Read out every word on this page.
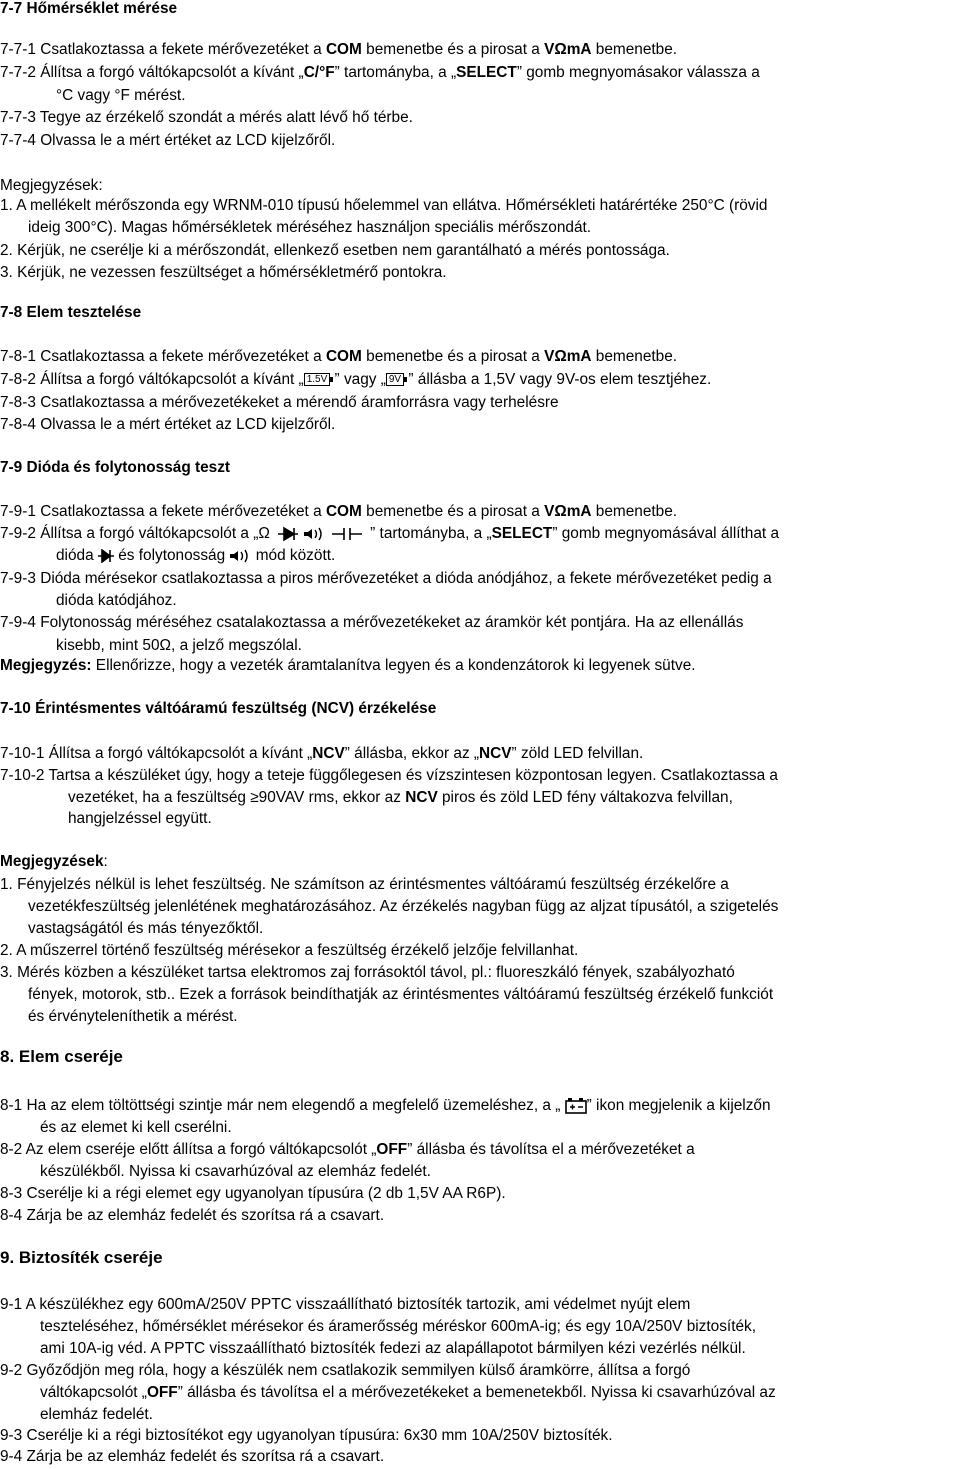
7-7 Hőmérséklet mérése
7-7-1 Csatlakoztassa a fekete mérővezetéket a COM bemenetbe és a pirosat a VΩmA bemenetbe.
7-7-2 Állítsa a forgó váltókapcsolót a kívánt „C/°F” tartományba, a „SELECT” gomb megnyomásakor válassza a
°C vagy °F mérést.
7-7-3 Tegye az érzékelő szondát a mérés alatt lévő hő térbe.
7-7-4 Olvassa le a mért értéket az LCD kijelzőről.
Megjegyzések:
1. A mellékelt mérőszonda egy WRNM-010 típusú hőelemmel van ellátva. Hőmérsékleti határértéke 250°C (rövid
ideig 300°C). Magas hőmérsékletek méréséhez használjon speciális mérőszondát.
2. Kérjük, ne cserélje ki a mérőszondát, ellenkező esetben nem garantálható a mérés pontossága.
3. Kérjük, ne vezessen feszültséget a hőmérsékletmérő pontokra.
7-8 Elem tesztelése
7-8-1 Csatlakoztassa a fekete mérővezetéket a COM bemenetbe és a pirosat a VΩmA bemenetbe.
7-8-2 Állítsa a forgó váltókapcsolót a kívánt „ 1.5V ” vagy „ 9V ” állásba a 1,5V vagy 9V-os elem tesztjéhez.
7-8-3 Csatlakoztassa a mérővezetékeket a mérendő áramforrásra vagy terhelésre
7-8-4 Olvassa le a mért értéket az LCD kijelzőről.
7-9 Dióda és folytonosság teszt
7-9-1 Csatlakoztassa a fekete mérővezetéket a COM bemenetbe és a pirosat a VΩmA bemenetbe.
7-9-2 Állítsa a forgó váltókapcsolót a „Ω	” tartományba, a „SELECT” gomb megnyomásával állíthat a
dióda  és folytonosság  mód között.
7-9-3 Dióda mérésekor csatlakoztassa a piros mérővezetéket a dióda anódjához, a fekete mérővezetéket pedig a
dióda katódjához.
7-9-4 Folytonosság méréséhez csatalakoztassa a mérővezetékeket az áramkör két pontjára. Ha az ellenállás
kisebb, mint 50Ω, a jelző megszólal.
Megjegyzés: Ellenőrizze, hogy a vezeték áramtalanítva legyen és a kondenzátorok ki legyenek sütve.
7-10 Érintésmentes váltóáramú feszültség (NCV) érzékelése
7-10-1 Állítsa a forgó váltókapcsolót a kívánt „NCV” állásba, ekkor az „NCV” zöld LED felvillan.
7-10-2 Tartsa a készüléket úgy, hogy a teteje függőlegesen és vízszintesen központosan legyen. Csatlakoztassa a
vezetéket, ha a feszültség ≥90VAV rms, ekkor az NCV piros és zöld LED fény váltakozva felvillan,
hangjelzéssel együtt.
Megjegyzések:
1. Fényjelzés nélkül is lehet feszültség. Ne számítson az érintésmentes váltóáramú feszültség érzékelőre a
vezetékfeszültség jelenlétének meghatározásához. Az érzékelés nagyban függ az aljzat típusától, a szigetelés
vastagságától és más tényezőktől.
2. A műszerrel történő feszültség mérésekor a feszültség érzékelő jelzője felvillanhat.
3. Mérés közben a készüléket tartsa elektromos zaj forrásoktól távol, pl.: fluoreszkáló fények, szabályozható
fények, motorok, stb.. Ezek a források beindíthatják az érintésmentes váltóáramú feszültség érzékelő funkciót
és érvényteleníthetik a mérést.
8. Elem cseréje
8-1 Ha az elem töltöttségi szintje már nem elegendő a megfelelő üzemeléshez, a „ ” ikon megjelenik a kijelzőn
és az elemet ki kell cserélni.
8-2 Az elem cseréje előtt állítsa a forgó váltókapcsolót „OFF” állásba és távolítsa el a mérővezetéket a
készülékből. Nyissa ki csavarhúzóval az elemház fedelét.
8-3 Cserélje ki a régi elemet egy ugyanolyan típusúra (2 db 1,5V AA R6P).
8-4 Zárja be az elemház fedelét és szorítsa rá a csavart.
9. Biztosíték cseréje
9-1 A készülékhez egy 600mA/250V PPTC visszaállítható biztosíték tartozik, ami védelmet nyújt elem
teszteléséhez, hőmérséklet mérésekor és áramerősség méréskor 600mA-ig; és egy 10A/250V biztosíték,
ami 10A-ig véd. A PPTC visszaállítható biztosíték fedezi az alapállapotot bármilyen kézi vezérlés nélkül.
9-2 Győződjön meg róla, hogy a készülék nem csatlakozik semmilyen külső áramkörre, állítsa a forgó
váltókapcsolót „OFF” állásba és távolítsa el a mérővezetékeket a bemenetekből. Nyissa ki csavarhúzóval az
elemház fedelét.
9-3 Cserélje ki a régi biztosítékot egy ugyanolyan típusúra: 6x30 mm 10A/250V biztosíték.
9-4 Zárja be az elemház fedelét és szorítsa rá a csavart.
